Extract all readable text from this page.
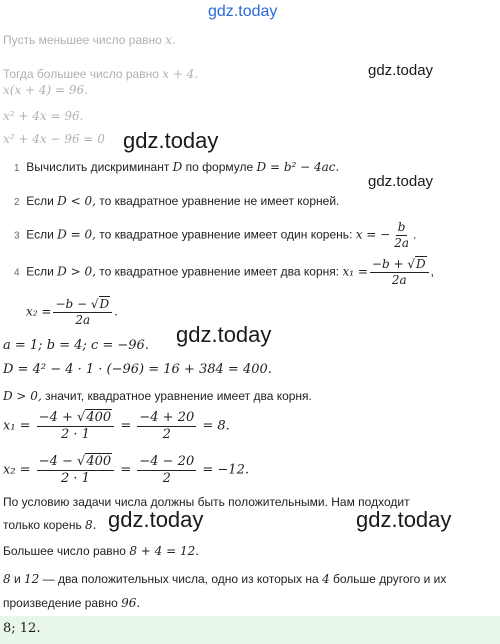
gdz.today
gdz.today
gdz.today
gdz.today
gdz.today
gdz.today	gdz.today
Пусть меньшее число равно x.
Тогда большее число равно x + 4.
x(x + 4) = 96.
x² + 4x = 96.
x² + 4x − 96 = 0
1 Вычислить дискриминант D по формуле D = b² − 4ac.
2 Если D < 0, то квадратное уравнение не имеет корней.
3 Если D = 0, то квадратное уравнение имеет один корень: x = − $\frac{b}{2a}$ .
4 Если D > 0, то квадратное уравнение имеет два корня: $x_1 = \frac{-b + √D}{2a}$ ,
$x_2 = \frac{-b - √D}{2a}$ .
a = 1; b = 4; c = −96.
D = 4² − 4 · 1 · (−96) = 16 + 384 = 400.
D > 0, значит, квадратное уравнение имеет два корня.
$x_1 = \frac{-4 + √400}{2 \cdot 1} = \frac{-4 + 20}{2} = 8$.
$x_2 = \frac{-4 - √400}{2 \cdot 1} = \frac{-4 - 20}{2} = -12$.
По условию задачи числа должны быть положительными. Нам подходит
только корень 8.
Большее число равно 8 + 4 = 12.
8 и 12 — два положительных числа, одно из которых на 4 больше другого и их
произведение равно 96.
8; 12.
